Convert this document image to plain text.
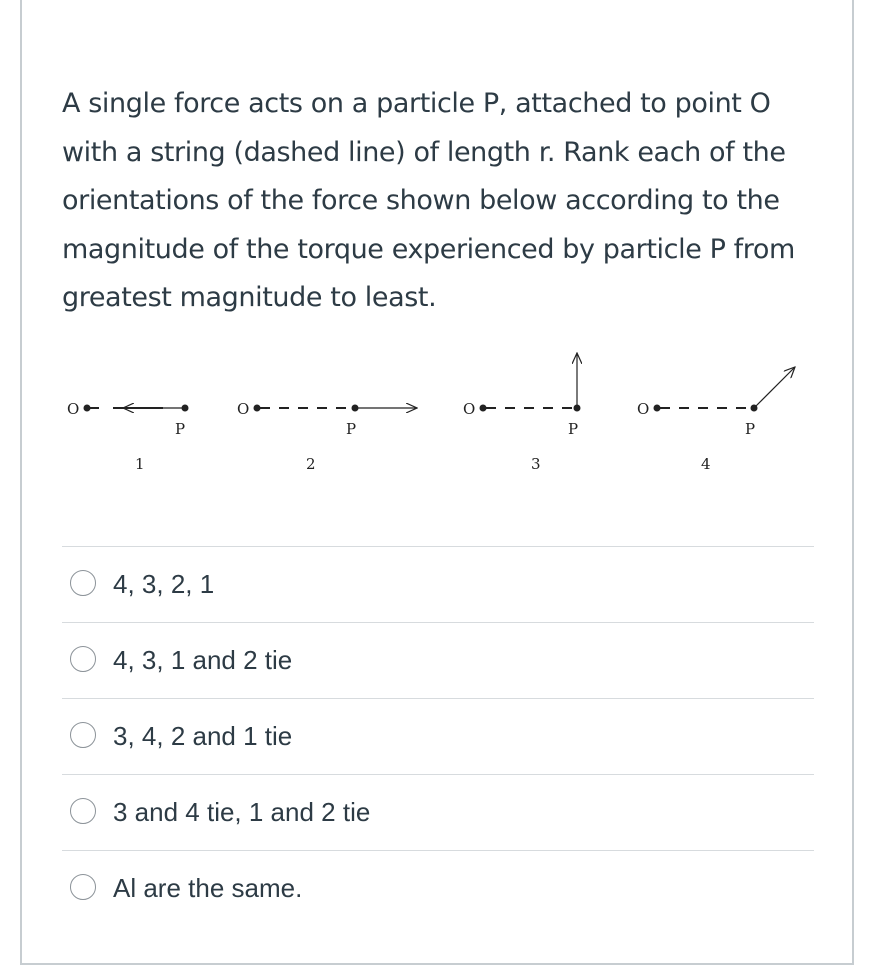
A single force acts on a particle P, attached to point O with a string (dashed line) of length r. Rank each of the orientations of the force shown below according to the magnitude of the torque experienced by particle P from greatest magnitude to least.

O
P
1
O
P
2
O
P
3
O
P
4
4, 3, 2, 1
4, 3, 1 and 2 tie
3, 4, 2 and 1 tie
3 and 4 tie, 1 and 2 tie
Al are the same.
